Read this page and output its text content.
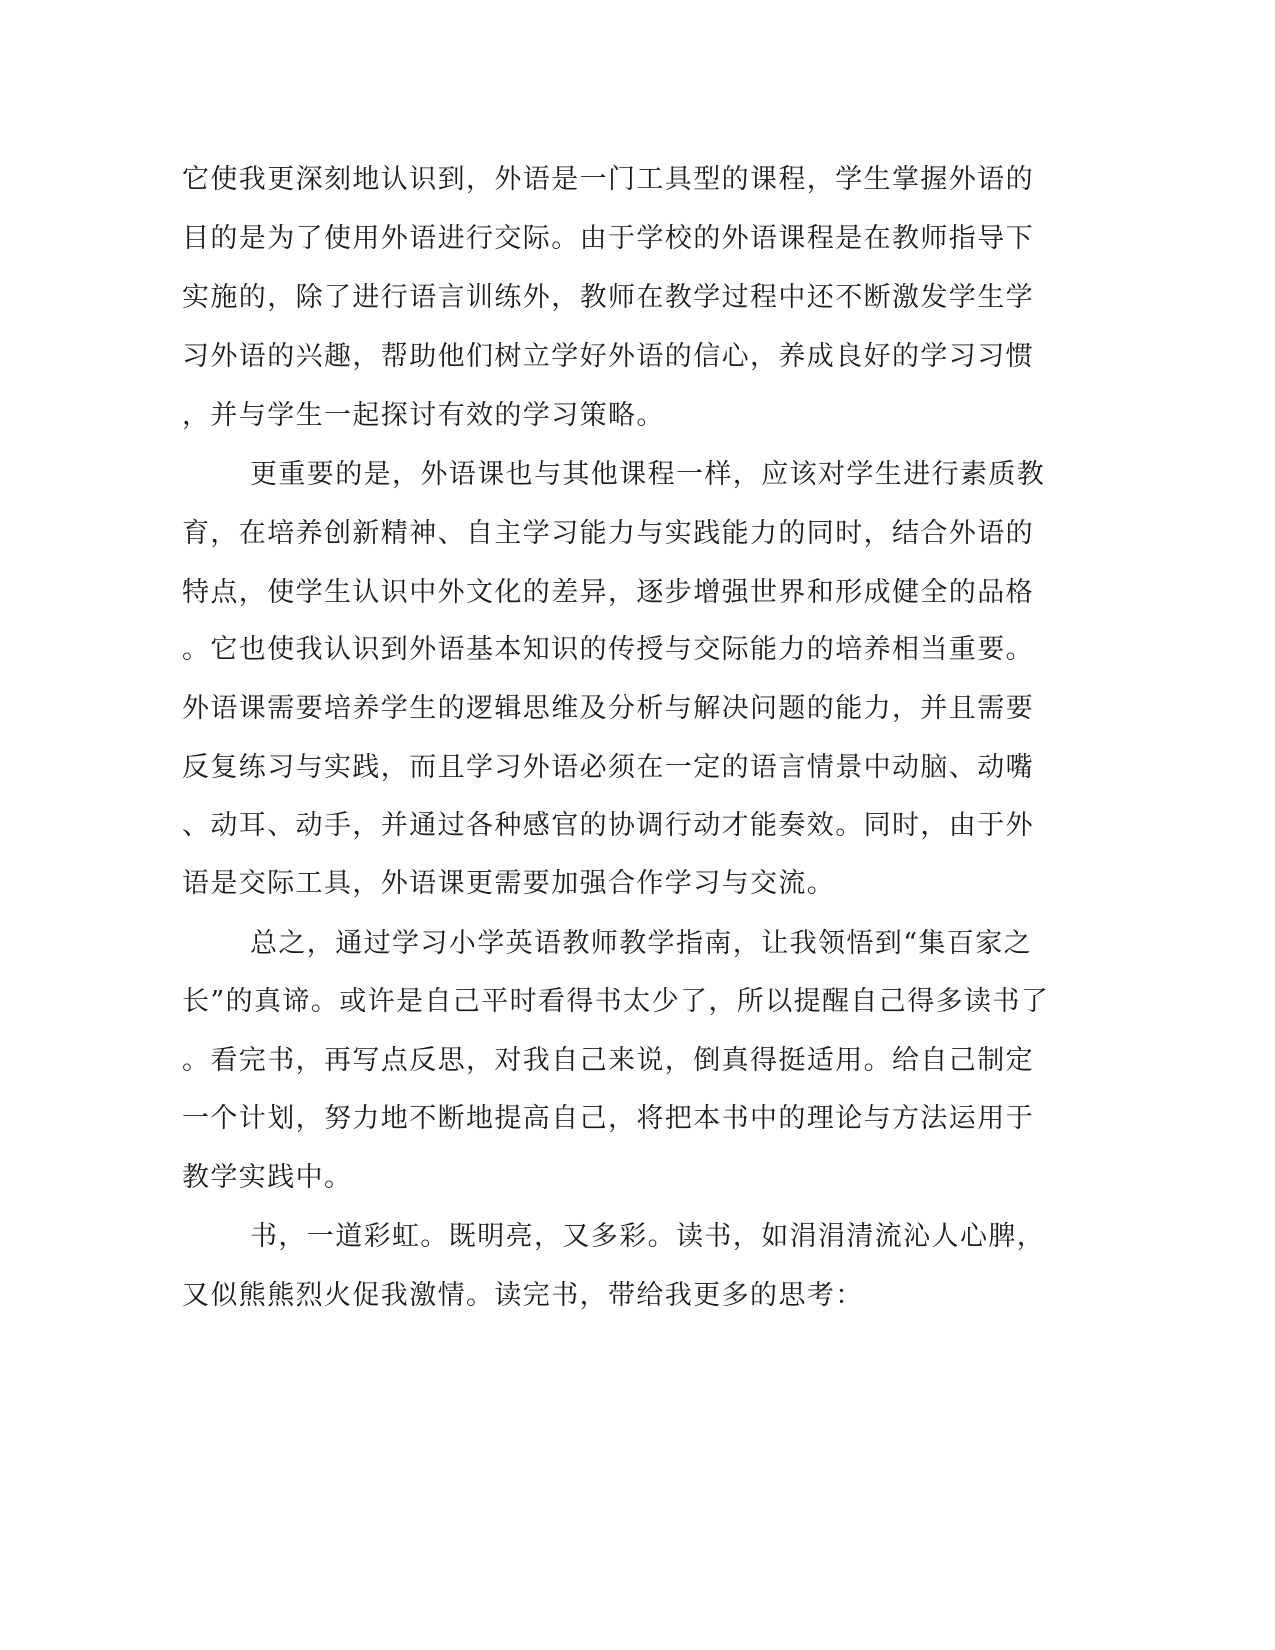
它使我更深刻地认识到，外语是一门工具型的课程，学生掌握外语的
目的是为了使用外语进行交际。由于学校的外语课程是在教师指导下
实施的，除了进行语言训练外，教师在教学过程中还不断激发学生学
习外语的兴趣，帮助他们树立学好外语的信心，养成良好的学习习惯
，并与学生一起探讨有效的学习策略。
更重要的是，外语课也与其他课程一样，应该对学生进行素质教
育，在培养创新精神、自主学习能力与实践能力的同时，结合外语的
特点，使学生认识中外文化的差异，逐步增强世界和形成健全的品格
。它也使我认识到外语基本知识的传授与交际能力的培养相当重要。
外语课需要培养学生的逻辑思维及分析与解决问题的能力，并且需要
反复练习与实践，而且学习外语必须在一定的语言情景中动脑、动嘴
、动耳、动手，并通过各种感官的协调行动才能奏效。同时，由于外
语是交际工具，外语课更需要加强合作学习与交流。
总之，通过学习小学英语教师教学指南，让我领悟到“集百家之
长”的真谛。或许是自己平时看得书太少了，所以提醒自己得多读书了
。看完书，再写点反思，对我自己来说，倒真得挺适用。给自己制定
一个计划，努力地不断地提高自己，将把本书中的理论与方法运用于
教学实践中。
书，一道彩虹。既明亮，又多彩。读书，如涓涓清流沁人心脾，
又似熊熊烈火促我激情。读完书，带给我更多的思考：
